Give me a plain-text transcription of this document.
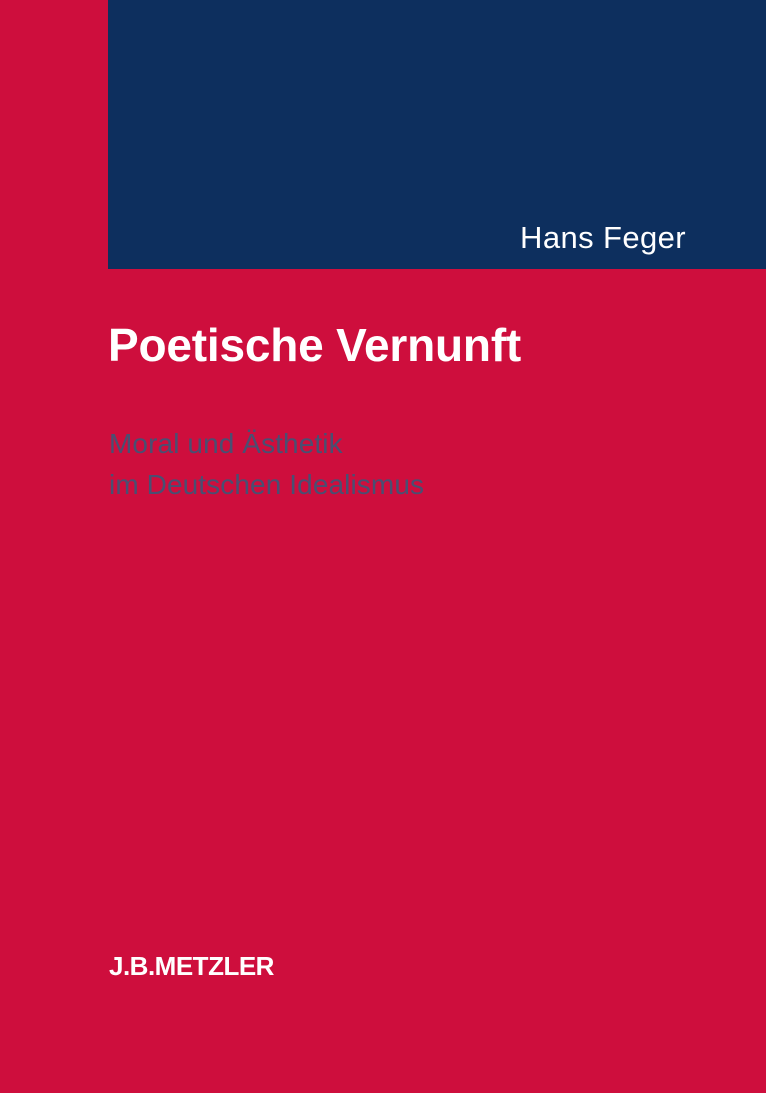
Hans Feger
Poetische Vernunft
Moral und Ästhetik
im Deutschen Idealismus
J.B.METZLER
